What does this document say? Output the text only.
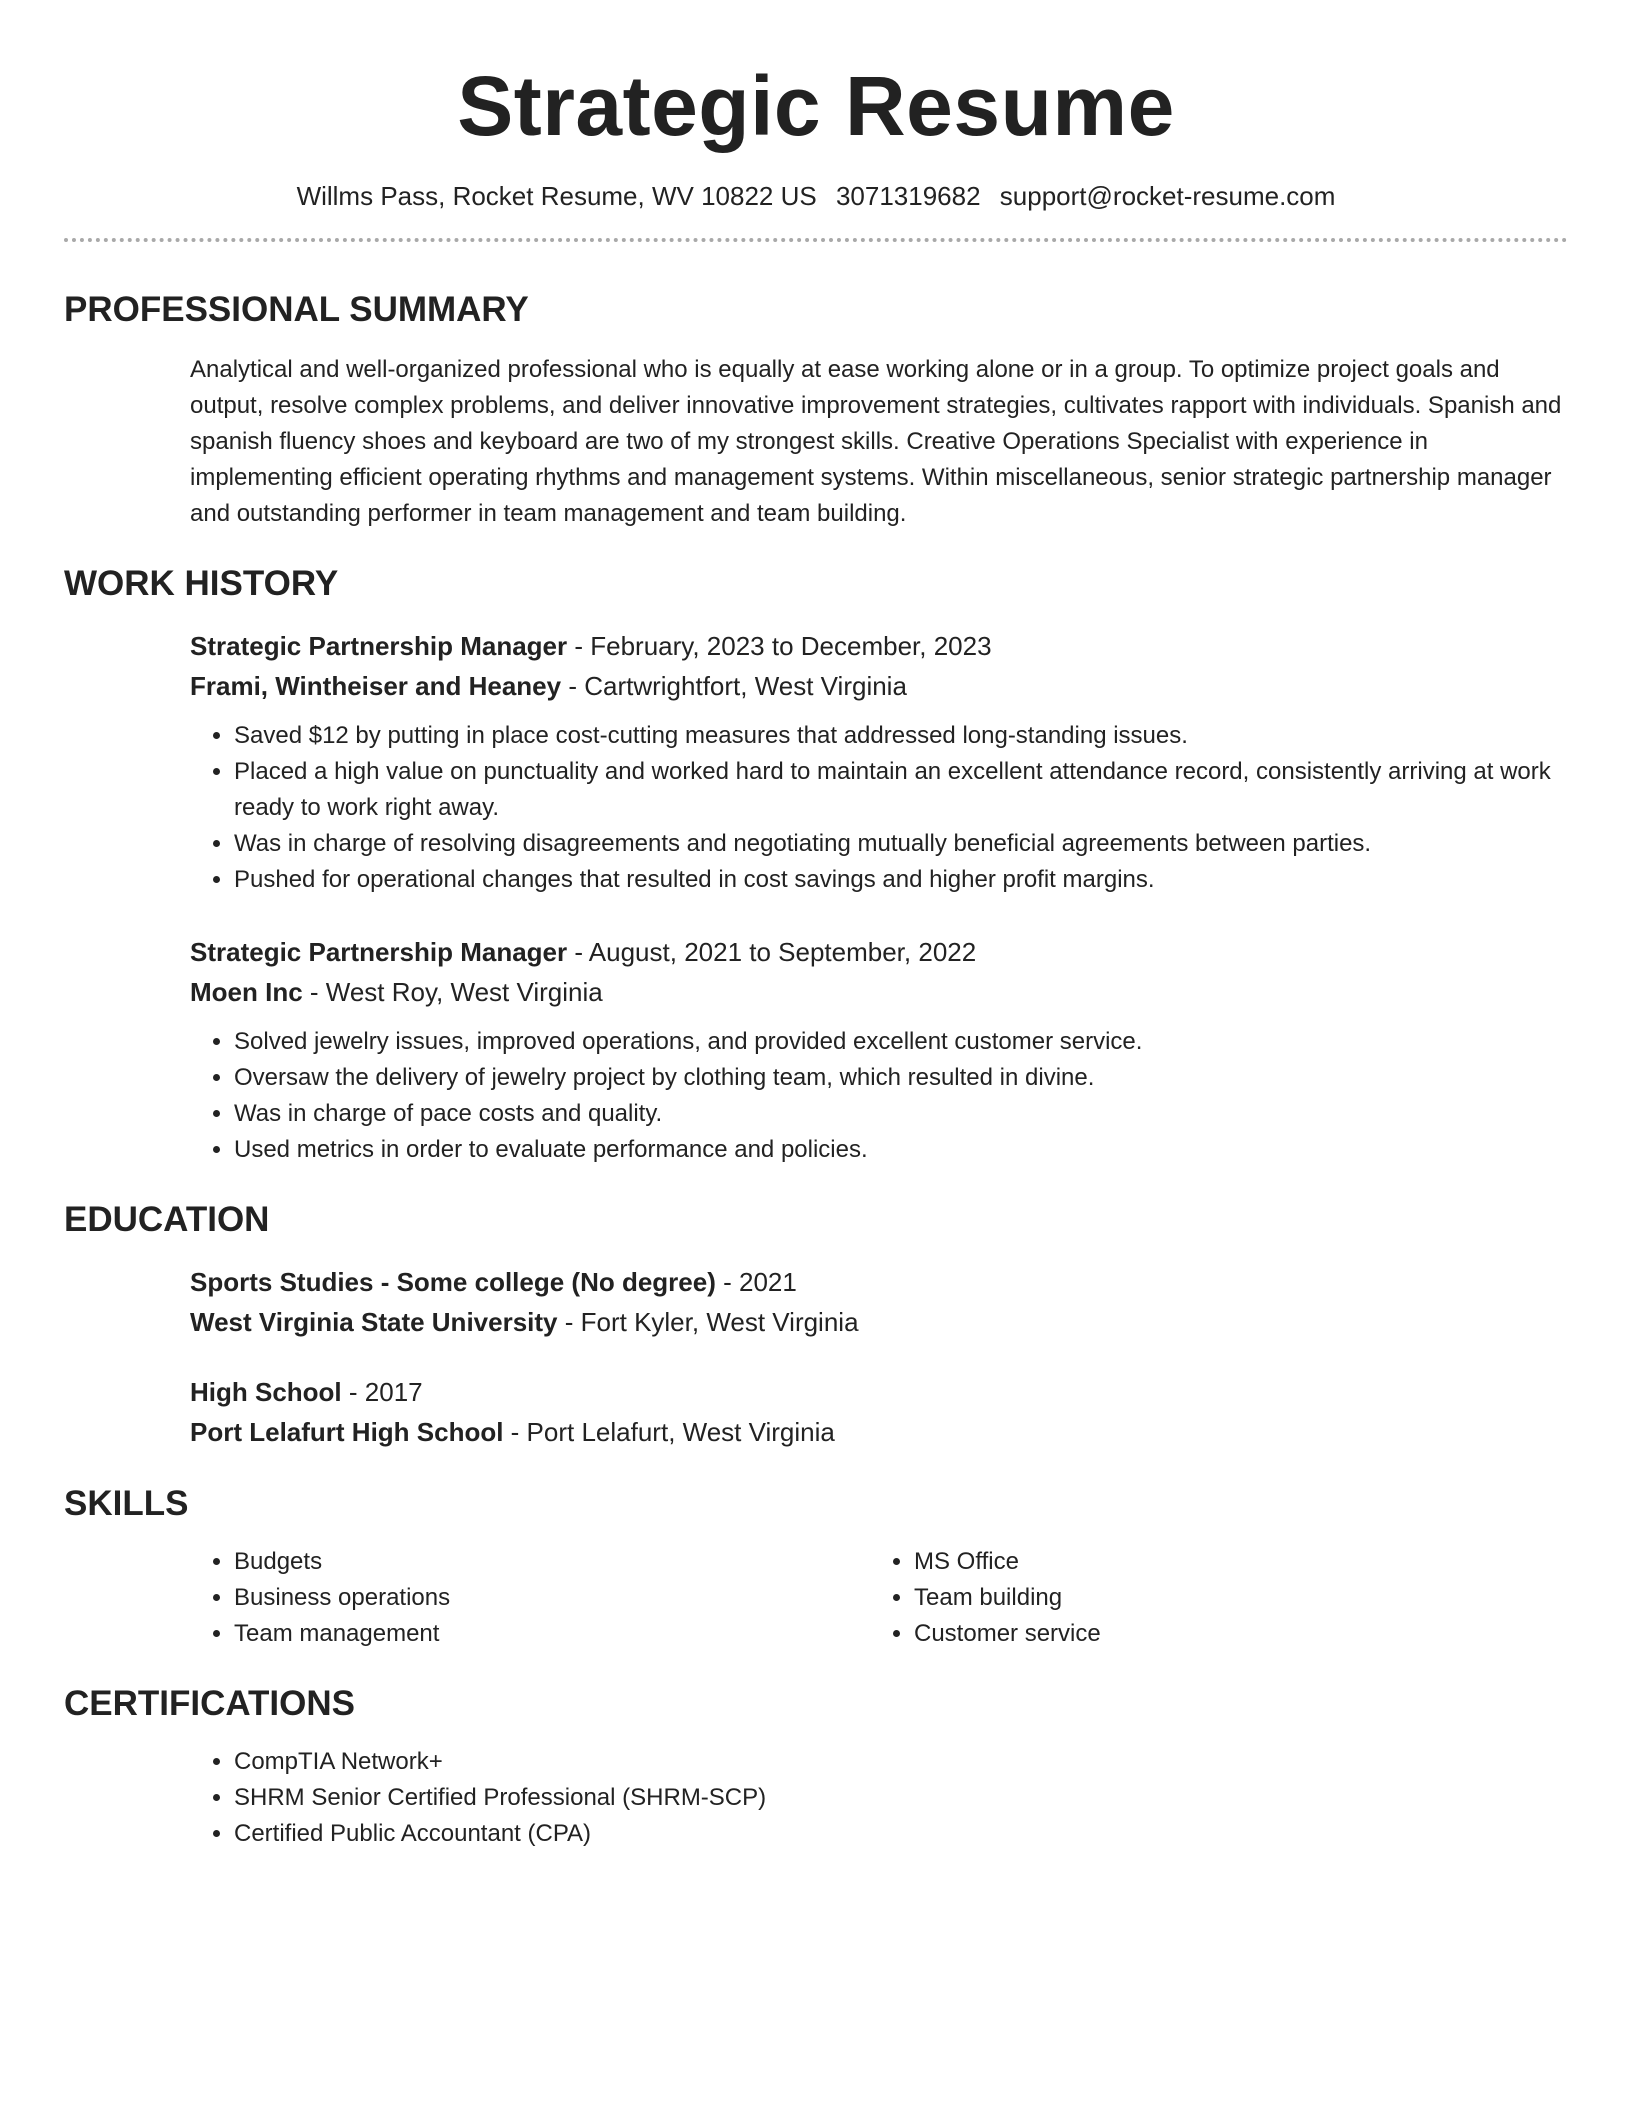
Strategic Resume
Willms Pass, Rocket Resume, WV 10822 US 3071319682 support@rocket-resume.com
PROFESSIONAL SUMMARY

Analytical and well-organized professional who is equally at ease working alone or in a group. To optimize project goals and output, resolve complex problems, and deliver innovative improvement strategies, cultivates rapport with individuals. Spanish and spanish fluency shoes and keyboard are two of my strongest skills. Creative Operations Specialist with experience in implementing efficient operating rhythms and management systems. Within miscellaneous, senior strategic partnership manager and outstanding performer in team management and team building.

WORK HISTORY
Strategic Partnership Manager - February, 2023 to December, 2023
Frami, Wintheiser and Heaney - Cartwrightfort, West Virginia
• Saved $12 by putting in place cost-cutting measures that addressed long-standing issues.
• Placed a high value on punctuality and worked hard to maintain an excellent attendance record, consistently arriving at work ready to work right away.
• Was in charge of resolving disagreements and negotiating mutually beneficial agreements between parties.
• Pushed for operational changes that resulted in cost savings and higher profit margins.
Strategic Partnership Manager - August, 2021 to September, 2022
Moen Inc - West Roy, West Virginia
• Solved jewelry issues, improved operations, and provided excellent customer service.
• Oversaw the delivery of jewelry project by clothing team, which resulted in divine.
• Was in charge of pace costs and quality.
• Used metrics in order to evaluate performance and policies.
EDUCATION
Sports Studies - Some college (No degree) - 2021
West Virginia State University - Fort Kyler, West Virginia
High School - 2017
Port Lelafurt High School - Port Lelafurt, West Virginia
SKILLS
• Budgets
• Business operations
• Team management
• MS Office
• Team building
• Customer service
CERTIFICATIONS
• CompTIA Network+
• SHRM Senior Certified Professional (SHRM-SCP)
• Certified Public Accountant (CPA)
